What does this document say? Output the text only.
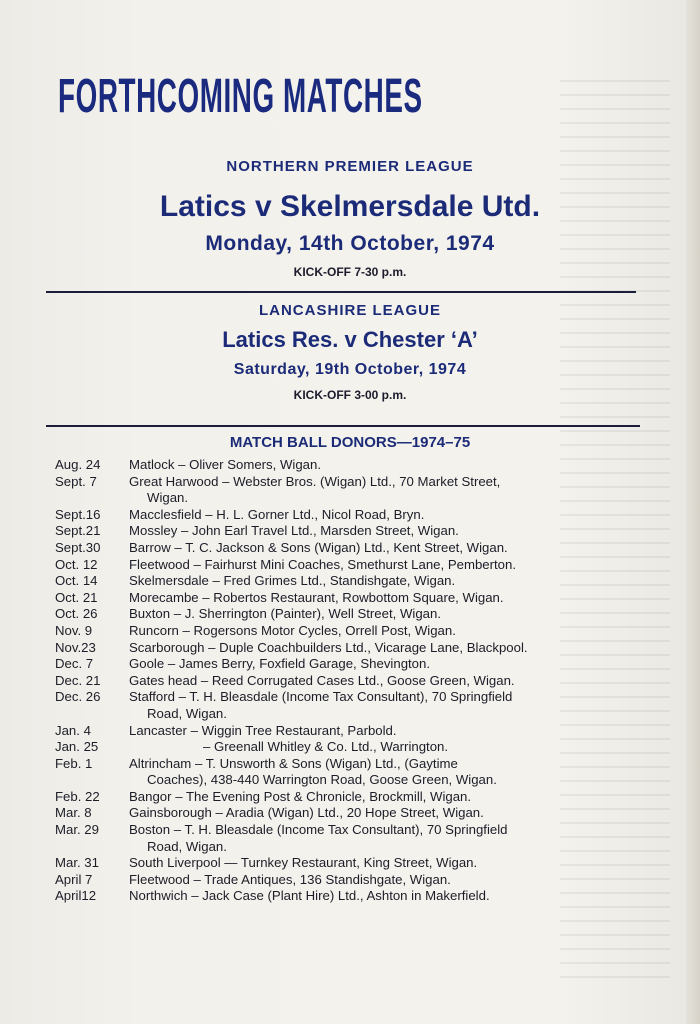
FORTHCOMING MATCHES
NORTHERN PREMIER LEAGUE
Latics v Skelmersdale Utd.
Monday, 14th October, 1974
KICK-OFF 7-30 p.m.
LANCASHIRE LEAGUE
Latics Res. v Chester ‘A’
Saturday, 19th October, 1974
KICK-OFF 3-00 p.m.
MATCH BALL DONORS—1974–75
Aug. 24	Matlock – Oliver Somers, Wigan.
Sept. 7	Great Harwood – Webster Bros. (Wigan) Ltd., 70 Market Street,
Wigan.
Sept.16	Macclesfield – H. L. Gorner Ltd., Nicol Road, Bryn.
Sept.21	Mossley – John Earl Travel Ltd., Marsden Street, Wigan.
Sept.30	Barrow – T. C. Jackson & Sons (Wigan) Ltd., Kent Street, Wigan.
Oct. 12	Fleetwood – Fairhurst Mini Coaches, Smethurst Lane, Pemberton.
Oct. 14	Skelmersdale – Fred Grimes Ltd., Standishgate, Wigan.
Oct. 21	Morecambe – Robertos Restaurant, Rowbottom Square, Wigan.
Oct. 26	Buxton – J. Sherrington (Painter), Well Street, Wigan.
Nov. 9	Runcorn – Rogersons Motor Cycles, Orrell Post, Wigan.
Nov.23	Scarborough – Duple Coachbuilders Ltd., Vicarage Lane, Blackpool.
Dec. 7	Goole – James Berry, Foxfield Garage, Shevington.
Dec. 21	Gates head – Reed Corrugated Cases Ltd., Goose Green, Wigan.
Dec. 26	Stafford – T. H. Bleasdale (Income Tax Consultant), 70 Springfield
Road, Wigan.
Jan. 4	Lancaster – Wiggin Tree Restaurant, Parbold.
Jan. 25	– Greenall Whitley & Co. Ltd., Warrington.
Feb. 1	Altrincham – T. Unsworth & Sons (Wigan) Ltd., (Gaytime
Coaches), 438-440 Warrington Road, Goose Green, Wigan.
Feb. 22	Bangor – The Evening Post & Chronicle, Brockmill, Wigan.
Mar. 8	Gainsborough – Aradia (Wigan) Ltd., 20 Hope Street, Wigan.
Mar. 29	Boston – T. H. Bleasdale (Income Tax Consultant), 70 Springfield
Road, Wigan.
Mar. 31	South Liverpool — Turnkey Restaurant, King Street, Wigan.
April 7	Fleetwood – Trade Antiques, 136 Standishgate, Wigan.
April12	Northwich – Jack Case (Plant Hire) Ltd., Ashton in Makerfield.
